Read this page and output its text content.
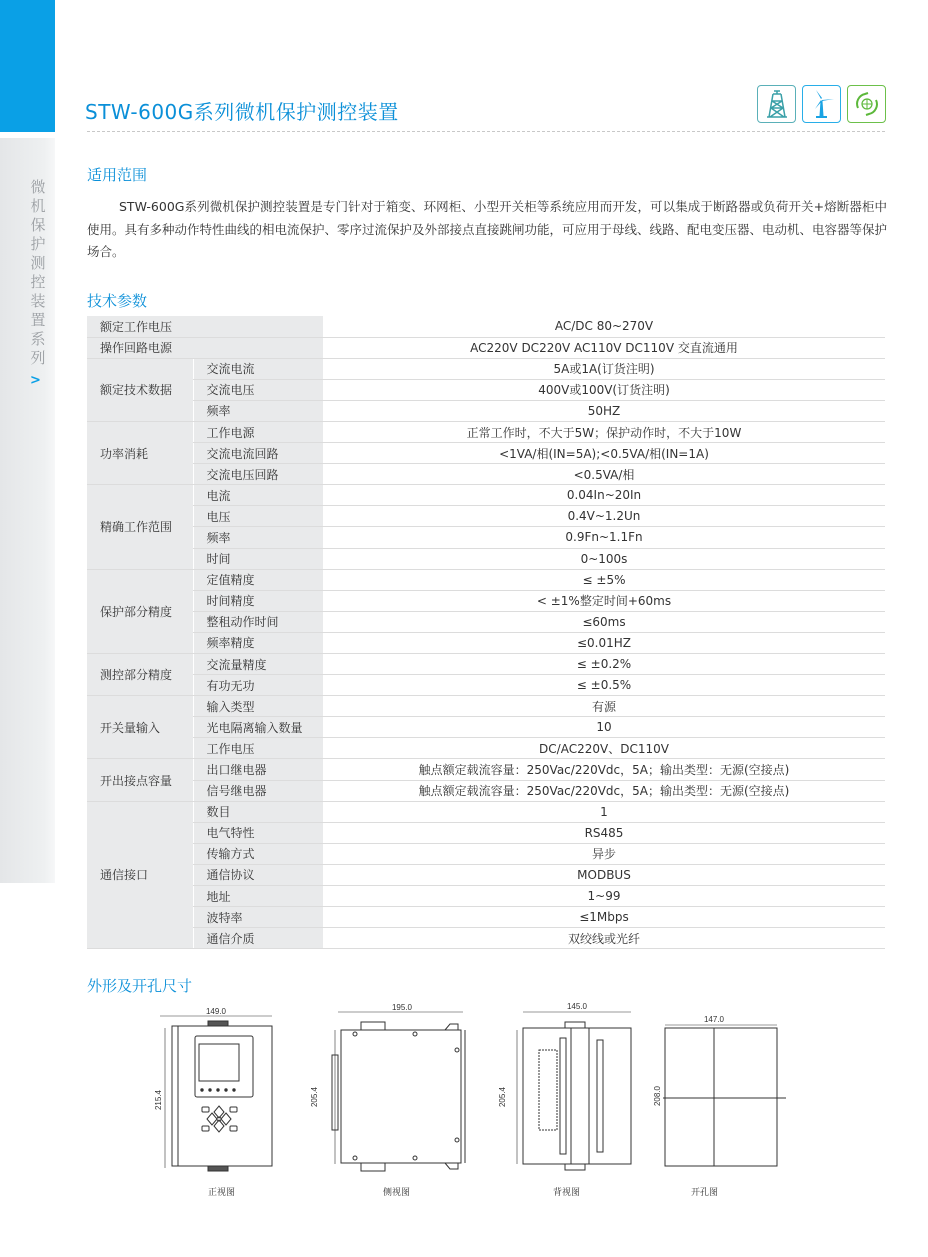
微机保护测控装置系列
>
STW-600G系列微机保护测控装置
适用范围
STW-600G系列微机保护测控装置是专门针对于箱变、环网柜、小型开关柜等系统应用而开发，可以集成于断路器或负荷开关+熔断器柜中使用。具有多种动作特性曲线的相电流保护、零序过流保护及外部接点直接跳闸功能，可应用于母线、线路、配电变压器、电动机、电容器等保护场合。
技术参数
额定工作电压		AC/DC 80~270V
操作回路电源		AC220V DC220V AC110V DC110V 交直流通用
额定技术数据	交流电流	5A或1A(订货注明)
	交流电压	400V或100V(订货注明)
	频率	50HZ
功率消耗	工作电源	正常工作时，不大于5W；保护动作时，不大于10W
	交流电流回路	<1VA/相(IN=5A);<0.5VA/相(IN=1A)
	交流电压回路	<0.5VA/相
精确工作范围	电流	0.04In~20In
	电压	0.4V~1.2Un
	频率	0.9Fn~1.1Fn
	时间	0~100s
保护部分精度	定值精度	≤ ±5%
	时间精度	< ±1%整定时间+60ms
	整租动作时间	≤60ms
	频率精度	≤0.01HZ
测控部分精度	交流量精度	≤ ±0.2%
	有功无功	≤ ±0.5%
开关量输入	输入类型	有源
	光电隔离输入数量	10
	工作电压	DC/AC220V、DC110V
开出接点容量	出口继电器	触点额定载流容量：250Vac/220Vdc，5A；输出类型：无源(空接点)
	信号继电器	触点额定载流容量：250Vac/220Vdc，5A；输出类型：无源(空接点)
通信接口	数目	1
	电气特性	RS485
	传输方式	异步
	通信协议	MODBUS
	地址	1~99
	波特率	≤1Mbps
	通信介质	双绞线或光纤
外形及开孔尺寸
149.0
215.4
195.0
205.4
145.0
205.4
147.0
208.0
正视图	侧视图	背视图	开孔图
